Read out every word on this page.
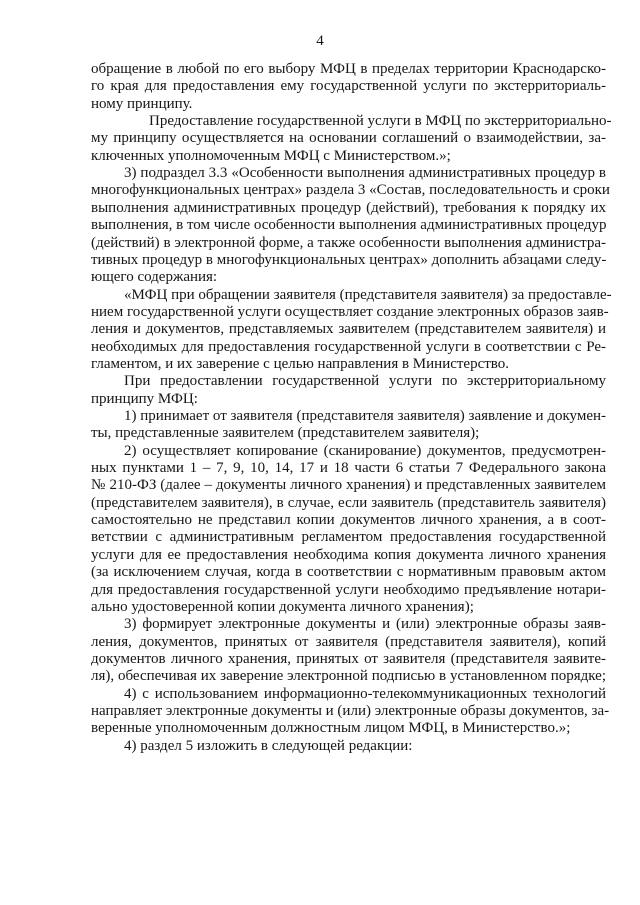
4
обращение в любой по его выбору МФЦ в пределах территории Краснодарско-
го края для предоставления ему государственной услуги по экстерриториаль-
ному принципу.
Предоставление государственной услуги в МФЦ по экстерриториально-
му принципу осуществляется на основании соглашений о взаимодействии, за-
ключенных уполномоченным МФЦ с Министерством.»;
3) подраздел 3.3 «Особенности выполнения административных процедур в
многофункциональных центрах» раздела 3 «Состав, последовательность и сроки
выполнения административных процедур (действий), требования к порядку их
выполнения, в том числе особенности выполнения административных процедур
(действий) в электронной форме, а также особенности выполнения администра-
тивных процедур в многофункциональных центрах» дополнить абзацами следу-
ющего содержания:
«МФЦ при обращении заявителя (представителя заявителя) за предоставле-
нием государственной услуги осуществляет создание электронных образов заяв-
ления и документов, представляемых заявителем (представителем заявителя) и
необходимых для предоставления государственной услуги в соответствии с Ре-
гламентом, и их заверение с целью направления в Министерство.
При предоставлении государственной услуги по экстерриториальному
принципу МФЦ:
1) принимает от заявителя (представителя заявителя) заявление и докумен-
ты, представленные заявителем (представителем заявителя);
2) осуществляет копирование (сканирование) документов, предусмотрен-
ных пунктами 1 – 7, 9, 10, 14, 17 и 18 части 6 статьи 7 Федерального закона
№ 210-ФЗ (далее – документы личного хранения) и представленных заявителем
(представителем заявителя), в случае, если заявитель (представитель заявителя)
самостоятельно не представил копии документов личного хранения, а в соот-
ветствии с административным регламентом предоставления государственной
услуги для ее предоставления необходима копия документа личного хранения
(за исключением случая, когда в соответствии с нормативным правовым актом
для предоставления государственной услуги необходимо предъявление нотари-
ально удостоверенной копии документа личного хранения);
3) формирует электронные документы и (или) электронные образы заяв-
ления, документов, принятых от заявителя (представителя заявителя), копий
документов личного хранения, принятых от заявителя (представителя заявите-
ля), обеспечивая их заверение электронной подписью в установленном порядке;
4) с использованием информационно-телекоммуникационных технологий
направляет электронные документы и (или) электронные образы документов, за-
веренные уполномоченным должностным лицом МФЦ, в Министерство.»;
4) раздел 5 изложить в следующей редакции:
